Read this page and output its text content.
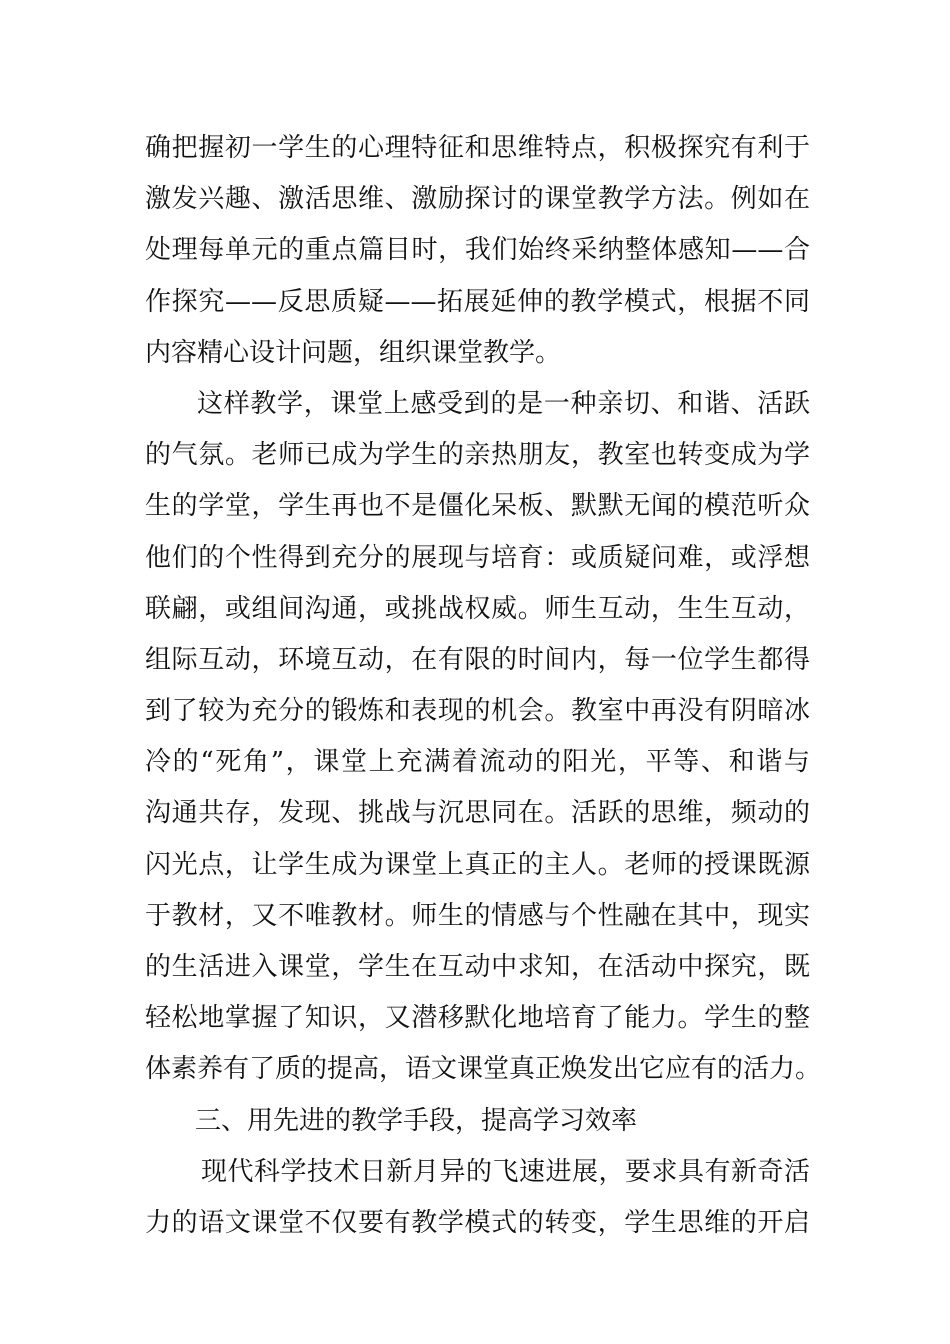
确把握初一学生的心理特征和思维特点，积极探究有利于
激发兴趣、激活思维、激励探讨的课堂教学方法。例如在
处理每单元的重点篇目时，我们始终采纳整体感知——合
作探究——反思质疑——拓展延伸的教学模式，根据不同
内容精心设计问题，组织课堂教学。
这样教学，课堂上感受到的是一种亲切、和谐、活跃
的气氛。老师已成为学生的亲热朋友，教室也转变成为学
生的学堂，学生再也不是僵化呆板、默默无闻的模范听众
他们的个性得到充分的展现与培育：或质疑问难，或浮想
联翩，或组间沟通，或挑战权威。师生互动，生生互动，
组际互动，环境互动，在有限的时间内，每一位学生都得
到了较为充分的锻炼和表现的机会。教室中再没有阴暗冰
冷的“死角”，课堂上充满着流动的阳光，平等、和谐与
沟通共存，发现、挑战与沉思同在。活跃的思维，频动的
闪光点，让学生成为课堂上真正的主人。老师的授课既源
于教材，又不唯教材。师生的情感与个性融在其中，现实
的生活进入课堂，学生在互动中求知，在活动中探究，既
轻松地掌握了知识，又潜移默化地培育了能力。学生的整
体素养有了质的提高，语文课堂真正焕发出它应有的活力。
三、用先进的教学手段，提高学习效率
现代科学技术日新月异的飞速进展，要求具有新奇活
力的语文课堂不仅要有教学模式的转变，学生思维的开启
